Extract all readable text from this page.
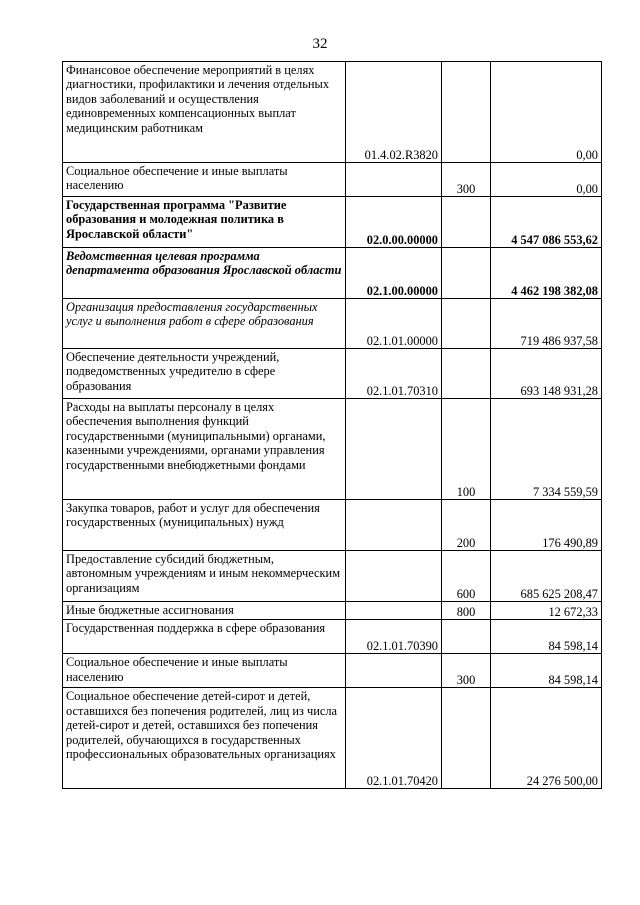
32
Финансовое обеспечение мероприятий в целях диагностики, профилактики и лечения отдельных видов заболеваний и осуществления единовременных компенсационных выплат медицинским работникам	01.4.02.R3820		0,00
Социальное обеспечение и иные выплаты населению		300	0,00
Государственная программа "Развитие образования и молодежная политика в Ярославской области"	02.0.00.00000		4 547 086 553,62
Ведомственная целевая программа департамента образования Ярославской области	02.1.00.00000		4 462 198 382,08
Организация предоставления государственных услуг и выполнения работ в сфере образования	02.1.01.00000		719 486 937,58
Обеспечение деятельности учреждений, подведомственных учредителю в сфере образования	02.1.01.70310		693 148 931,28
Расходы на выплаты персоналу в целях обеспечения выполнения функций государственными (муниципальными) органами, казенными учреждениями, органами управления государственными внебюджетными фондами		100	7 334 559,59
Закупка товаров, работ и услуг для обеспечения государственных (муниципальных) нужд		200	176 490,89
Предоставление субсидий бюджетным, автономным учреждениям и иным некоммерческим организациям		600	685 625 208,47
Иные бюджетные ассигнования		800	12 672,33
Государственная поддержка в сфере образования	02.1.01.70390		84 598,14
Социальное обеспечение и иные выплаты населению		300	84 598,14
Социальное обеспечение детей-сирот и детей, оставшихся без попечения родителей, лиц из числа детей-сирот и детей, оставшихся без попечения родителей, обучающихся в государственных профессиональных образовательных организациях	02.1.01.70420		24 276 500,00
